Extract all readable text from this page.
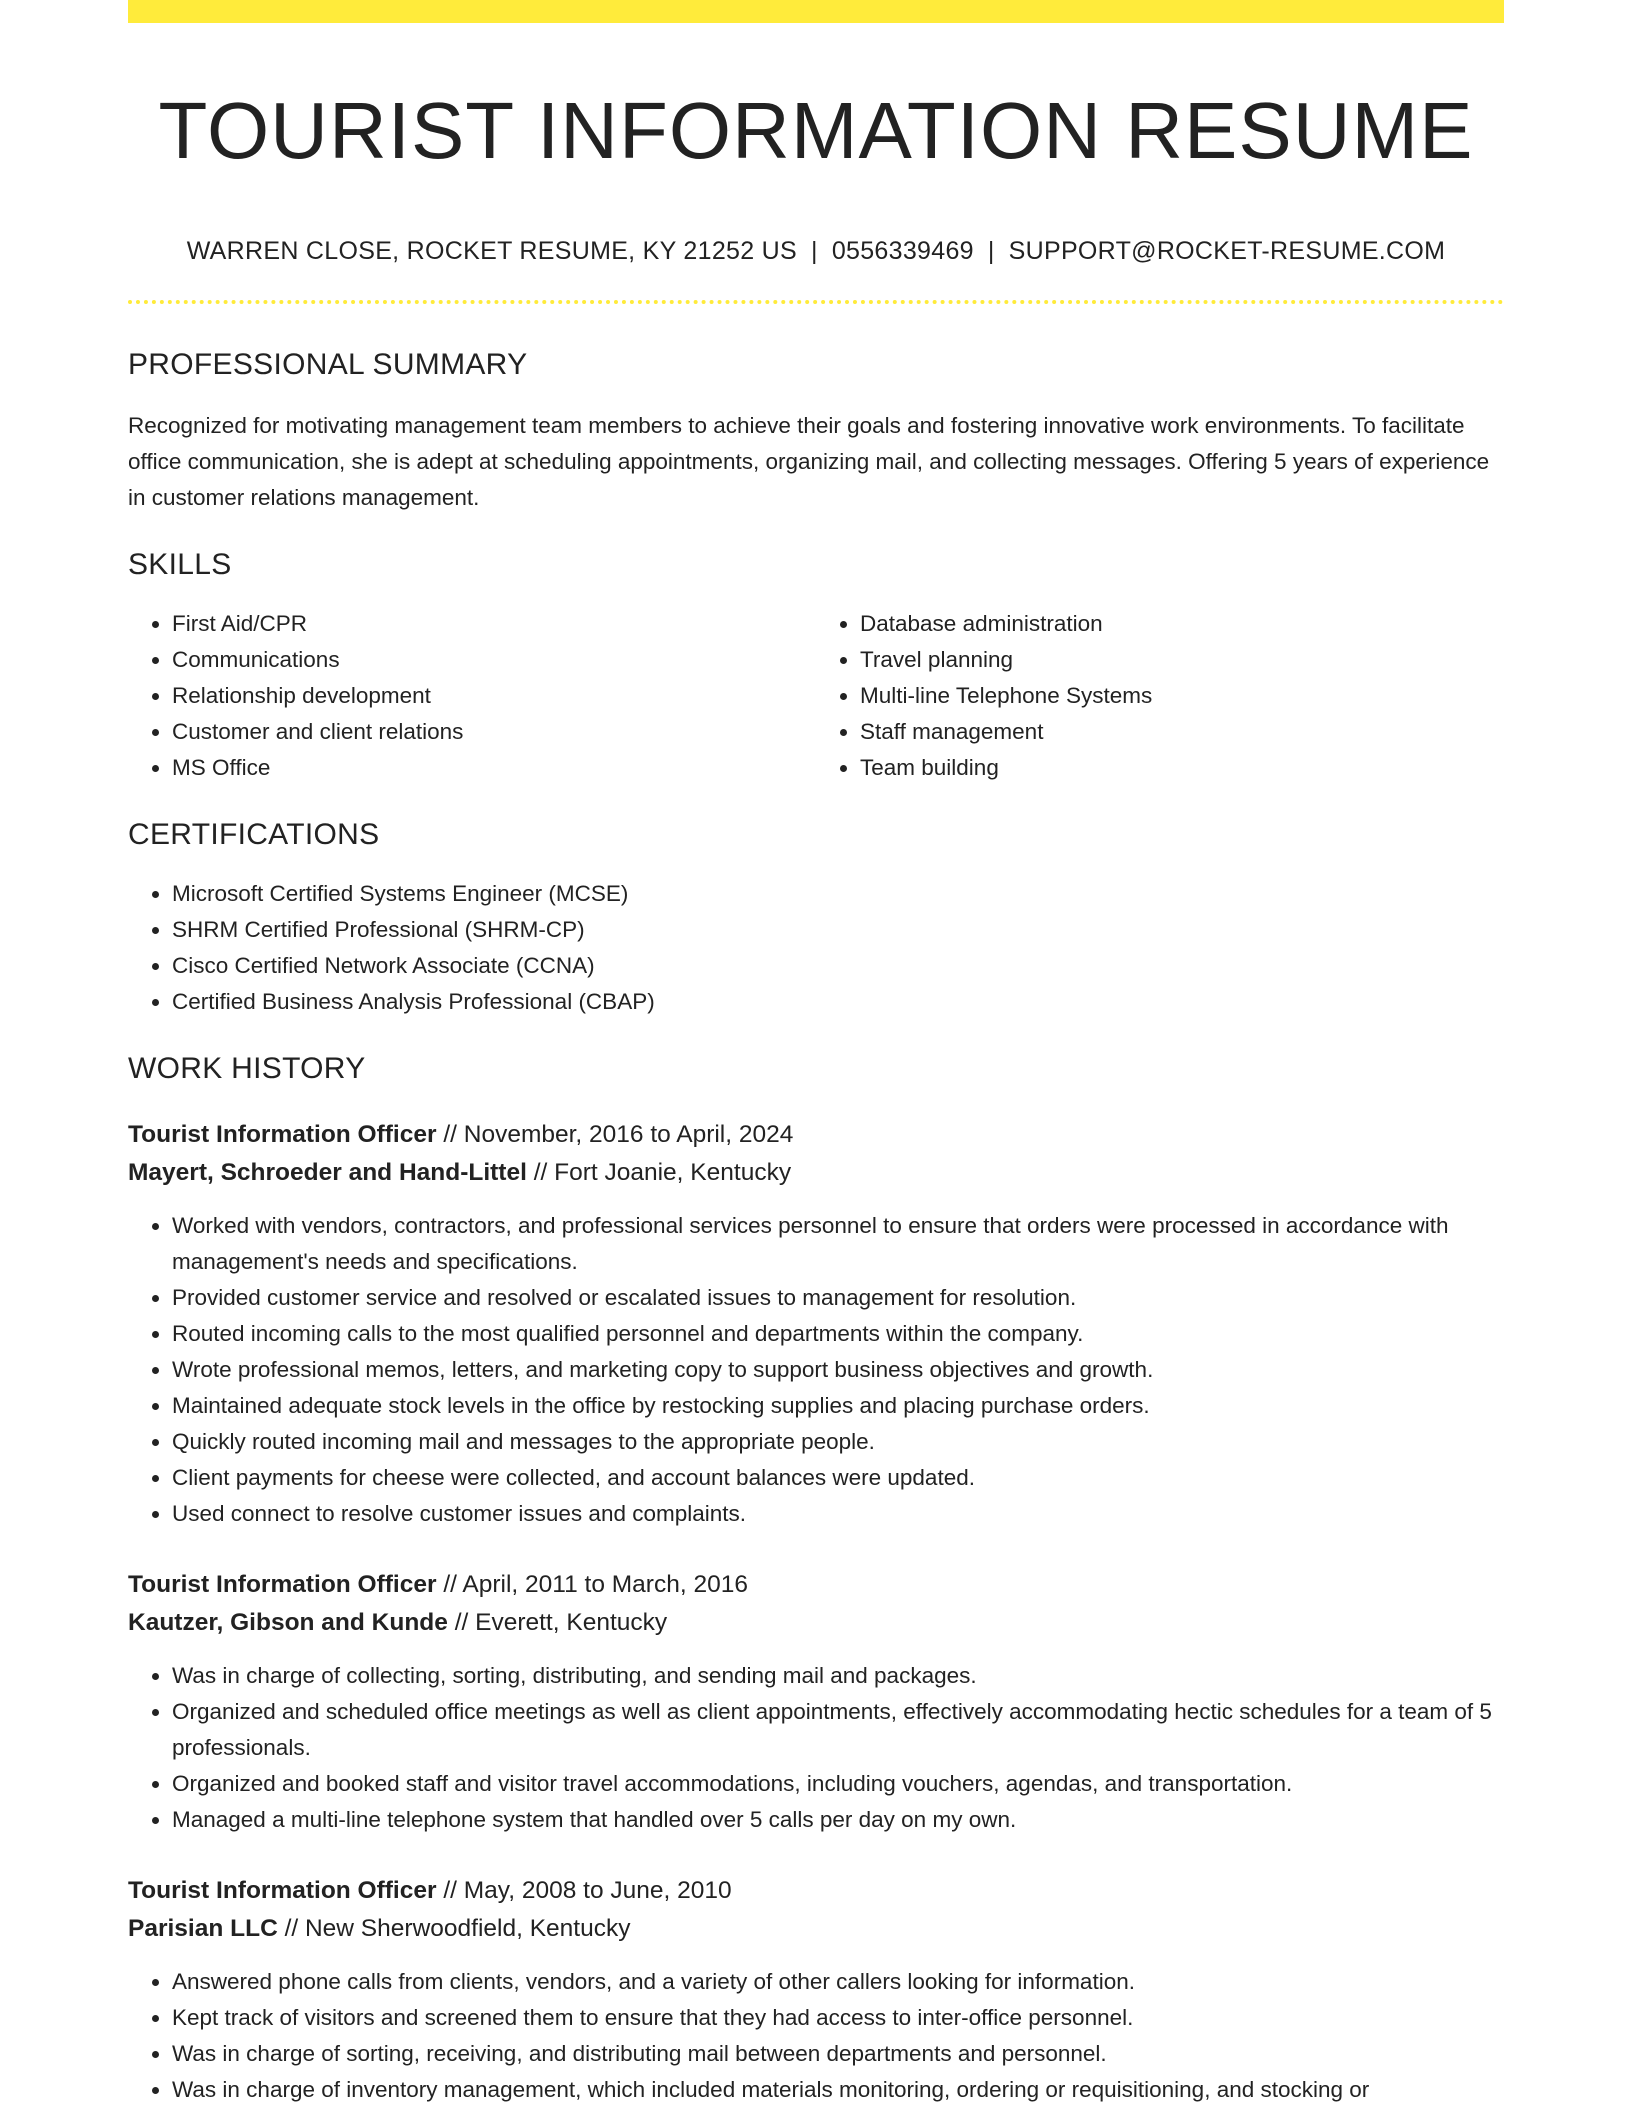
TOURIST INFORMATION RESUME
WARREN CLOSE, ROCKET RESUME, KY 21252 US | 0556339469 | SUPPORT@ROCKET-RESUME.COM
PROFESSIONAL SUMMARY
Recognized for motivating management team members to achieve their goals and fostering innovative work environments. To facilitate office communication, she is adept at scheduling appointments, organizing mail, and collecting messages. Offering 5 years of experience in customer relations management.
SKILLS
• First Aid/CPR
• Communications
• Relationship development
• Customer and client relations
• MS Office
• Database administration
• Travel planning
• Multi-line Telephone Systems
• Staff management
• Team building
CERTIFICATIONS
• Microsoft Certified Systems Engineer (MCSE)
• SHRM Certified Professional (SHRM-CP)
• Cisco Certified Network Associate (CCNA)
• Certified Business Analysis Professional (CBAP)
WORK HISTORY
Tourist Information Officer // November, 2016 to April, 2024
Mayert, Schroeder and Hand-Littel // Fort Joanie, Kentucky
• Worked with vendors, contractors, and professional services personnel to ensure that orders were processed in accordance with management's needs and specifications.
• Provided customer service and resolved or escalated issues to management for resolution.
• Routed incoming calls to the most qualified personnel and departments within the company.
• Wrote professional memos, letters, and marketing copy to support business objectives and growth.
• Maintained adequate stock levels in the office by restocking supplies and placing purchase orders.
• Quickly routed incoming mail and messages to the appropriate people.
• Client payments for cheese were collected, and account balances were updated.
• Used connect to resolve customer issues and complaints.
Tourist Information Officer // April, 2011 to March, 2016
Kautzer, Gibson and Kunde // Everett, Kentucky
• Was in charge of collecting, sorting, distributing, and sending mail and packages.
• Organized and scheduled office meetings as well as client appointments, effectively accommodating hectic schedules for a team of 5 professionals.
• Organized and booked staff and visitor travel accommodations, including vouchers, agendas, and transportation.
• Managed a multi-line telephone system that handled over 5 calls per day on my own.
Tourist Information Officer // May, 2008 to June, 2010
Parisian LLC // New Sherwoodfield, Kentucky
• Answered phone calls from clients, vendors, and a variety of other callers looking for information.
• Kept track of visitors and screened them to ensure that they had access to inter-office personnel.
• Was in charge of sorting, receiving, and distributing mail between departments and personnel.
• Was in charge of inventory management, which included materials monitoring, ordering or requisitioning, and stocking or
